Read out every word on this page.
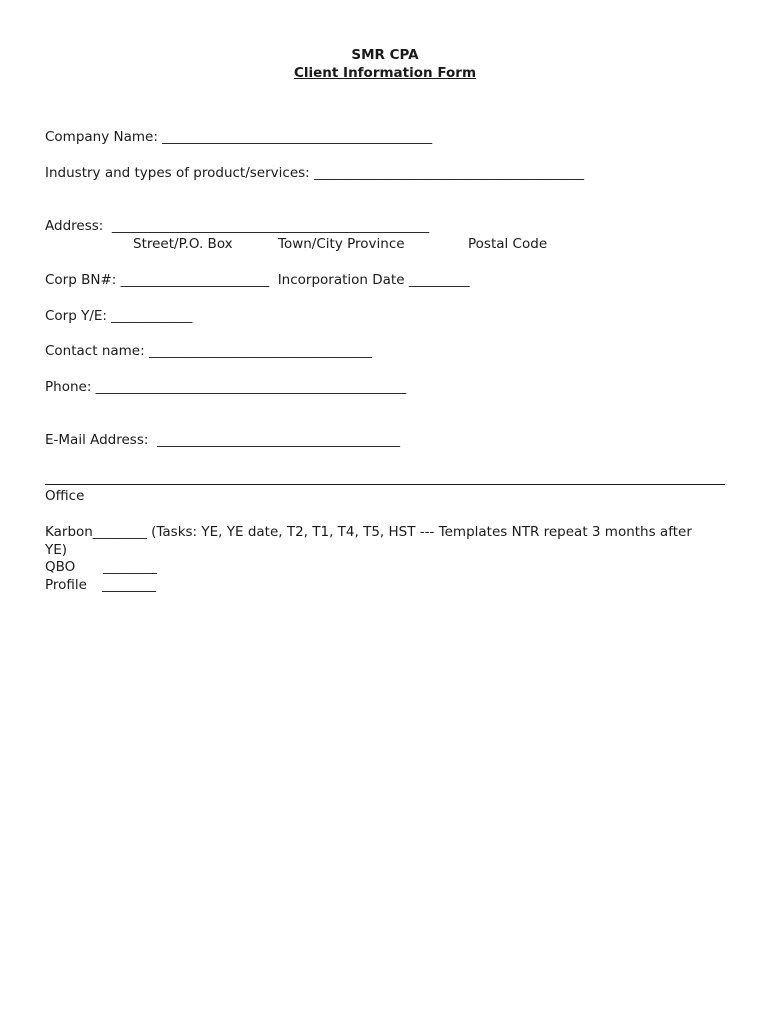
SMR CPA
Client Information Form
Company Name: ________________________________________
Industry and types of product/services: ________________________________________
Address:  _______________________________________________
Street/P.O. Box	Town/City Province	Postal Code
Corp BN#: ______________________  Incorporation Date _________
Corp Y/E: ____________
Contact name: _________________________________
Phone: ______________________________________________
E-Mail Address:  ____________________________________
Office
Karbon________ (Tasks: YE, YE date, T2, T1, T4, T5, HST --- Templates NTR repeat 3 months after
YE)
QBO ________
Profile ________
